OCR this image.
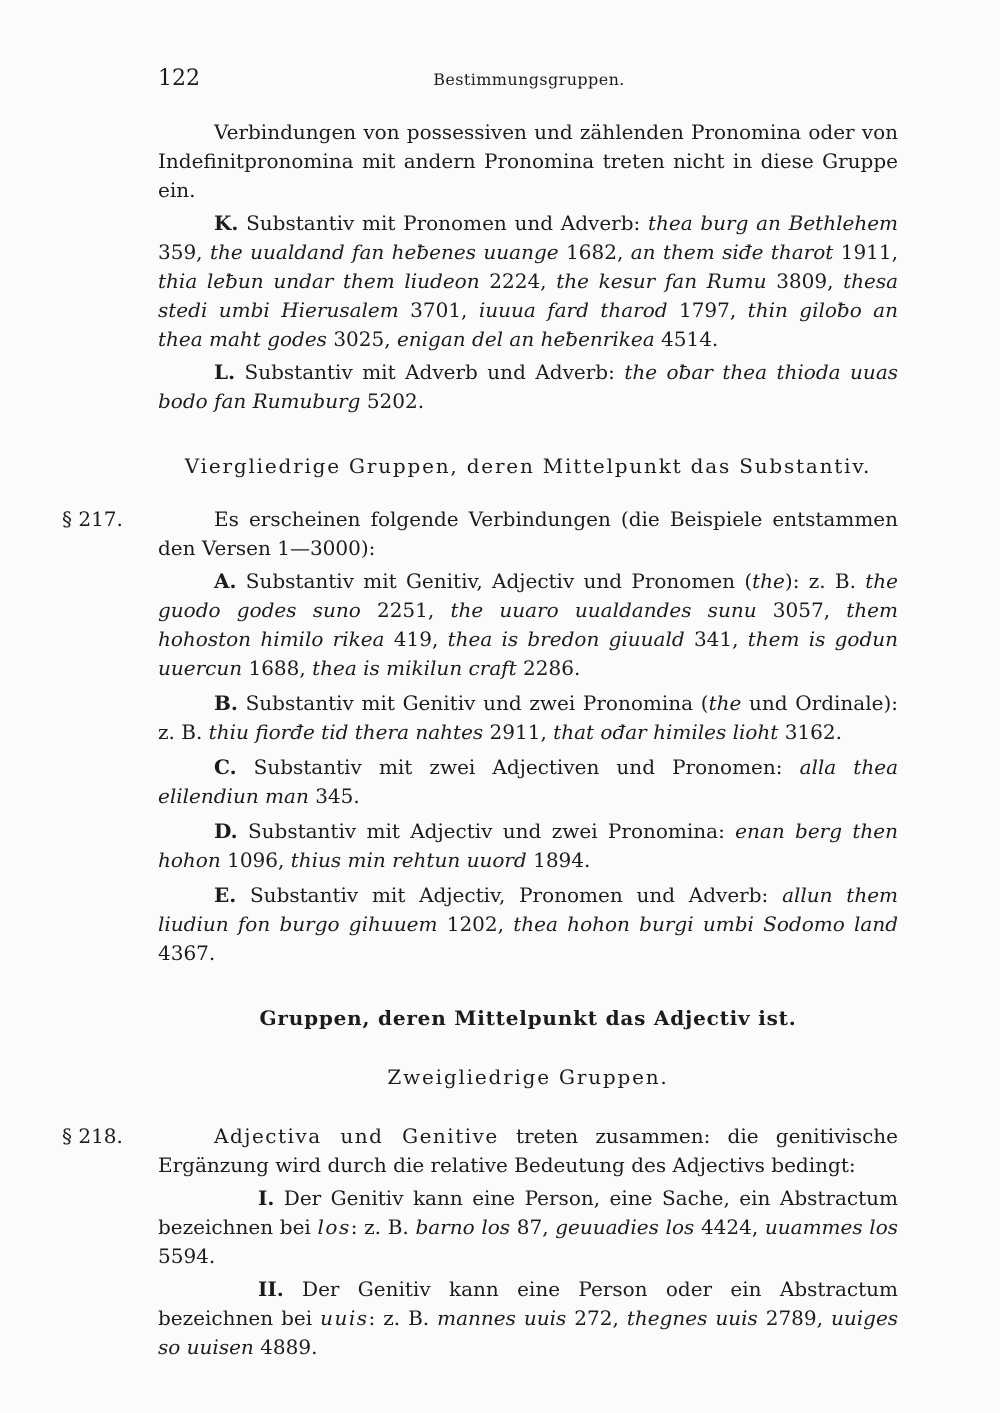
122	Bestimmungsgruppen.

Verbindungen von possessiven und zählenden Pronomina oder von Indefinitpronomina mit andern Pronomina treten nicht in diese Gruppe ein.

K. Substantiv mit Pronomen und Adverb: thea burg an Bethlehem 359, the uualdand fan heƀenes uuange 1682, an them siđe tharot 1911, thia leƀun undar them liudeon 2224, the kesur fan Rumu 3809, thesa stedi umbi Hierusalem 3701, iuuua fard tharod 1797, thin giloƀo an thea maht godes 3025, enigan del an heƀenrikea 4514.

L. Substantiv mit Adverb und Adverb: the oƀar thea thioda uuas bodo fan Rumuburg 5202.

Viergliedrige Gruppen, deren Mittelpunkt das Substantiv.
§ 217.	Es erscheinen folgende Verbindungen (die Beispiele entstammen den Versen 1—3000):

A. Substantiv mit Genitiv, Adjectiv und Pronomen (the): z. B. the guodo godes suno 2251, the uuaro uualdandes sunu 3057, them hohoston himilo rikea 419, thea is bredon giuuald 341, them is godun uuercun 1688, thea is mikilun craft 2286.

B. Substantiv mit Genitiv und zwei Pronomina (the und Ordinale): z. B. thiu fiorđe tid thera nahtes 2911, that ođar himiles lioht 3162.

C. Substantiv mit zwei Adjectiven und Pronomen: alla thea elilendiun man 345.

D. Substantiv mit Adjectiv und zwei Pronomina: enan berg then hohon 1096, thius min rehtun uuord 1894.

E. Substantiv mit Adjectiv, Pronomen und Adverb: allun them liudiun fon burgo gihuuem 1202, thea hohon burgi umbi Sodomo land 4367.

Gruppen, deren Mittelpunkt das Adjectiv ist.
Zweigliedrige Gruppen.
§ 218.	Adjectiva und Genitive treten zusammen: die genitivische Ergänzung wird durch die relative Bedeutung des Adjectivs bedingt:

I. Der Genitiv kann eine Person, eine Sache, ein Abstractum bezeichnen bei los: z. B. barno los 87, geuuadies los 4424, uuammes los 5594.

II. Der Genitiv kann eine Person oder ein Abstractum bezeichnen bei uuis: z. B. mannes uuis 272, thegnes uuis 2789, uuiges so uuisen 4889.
